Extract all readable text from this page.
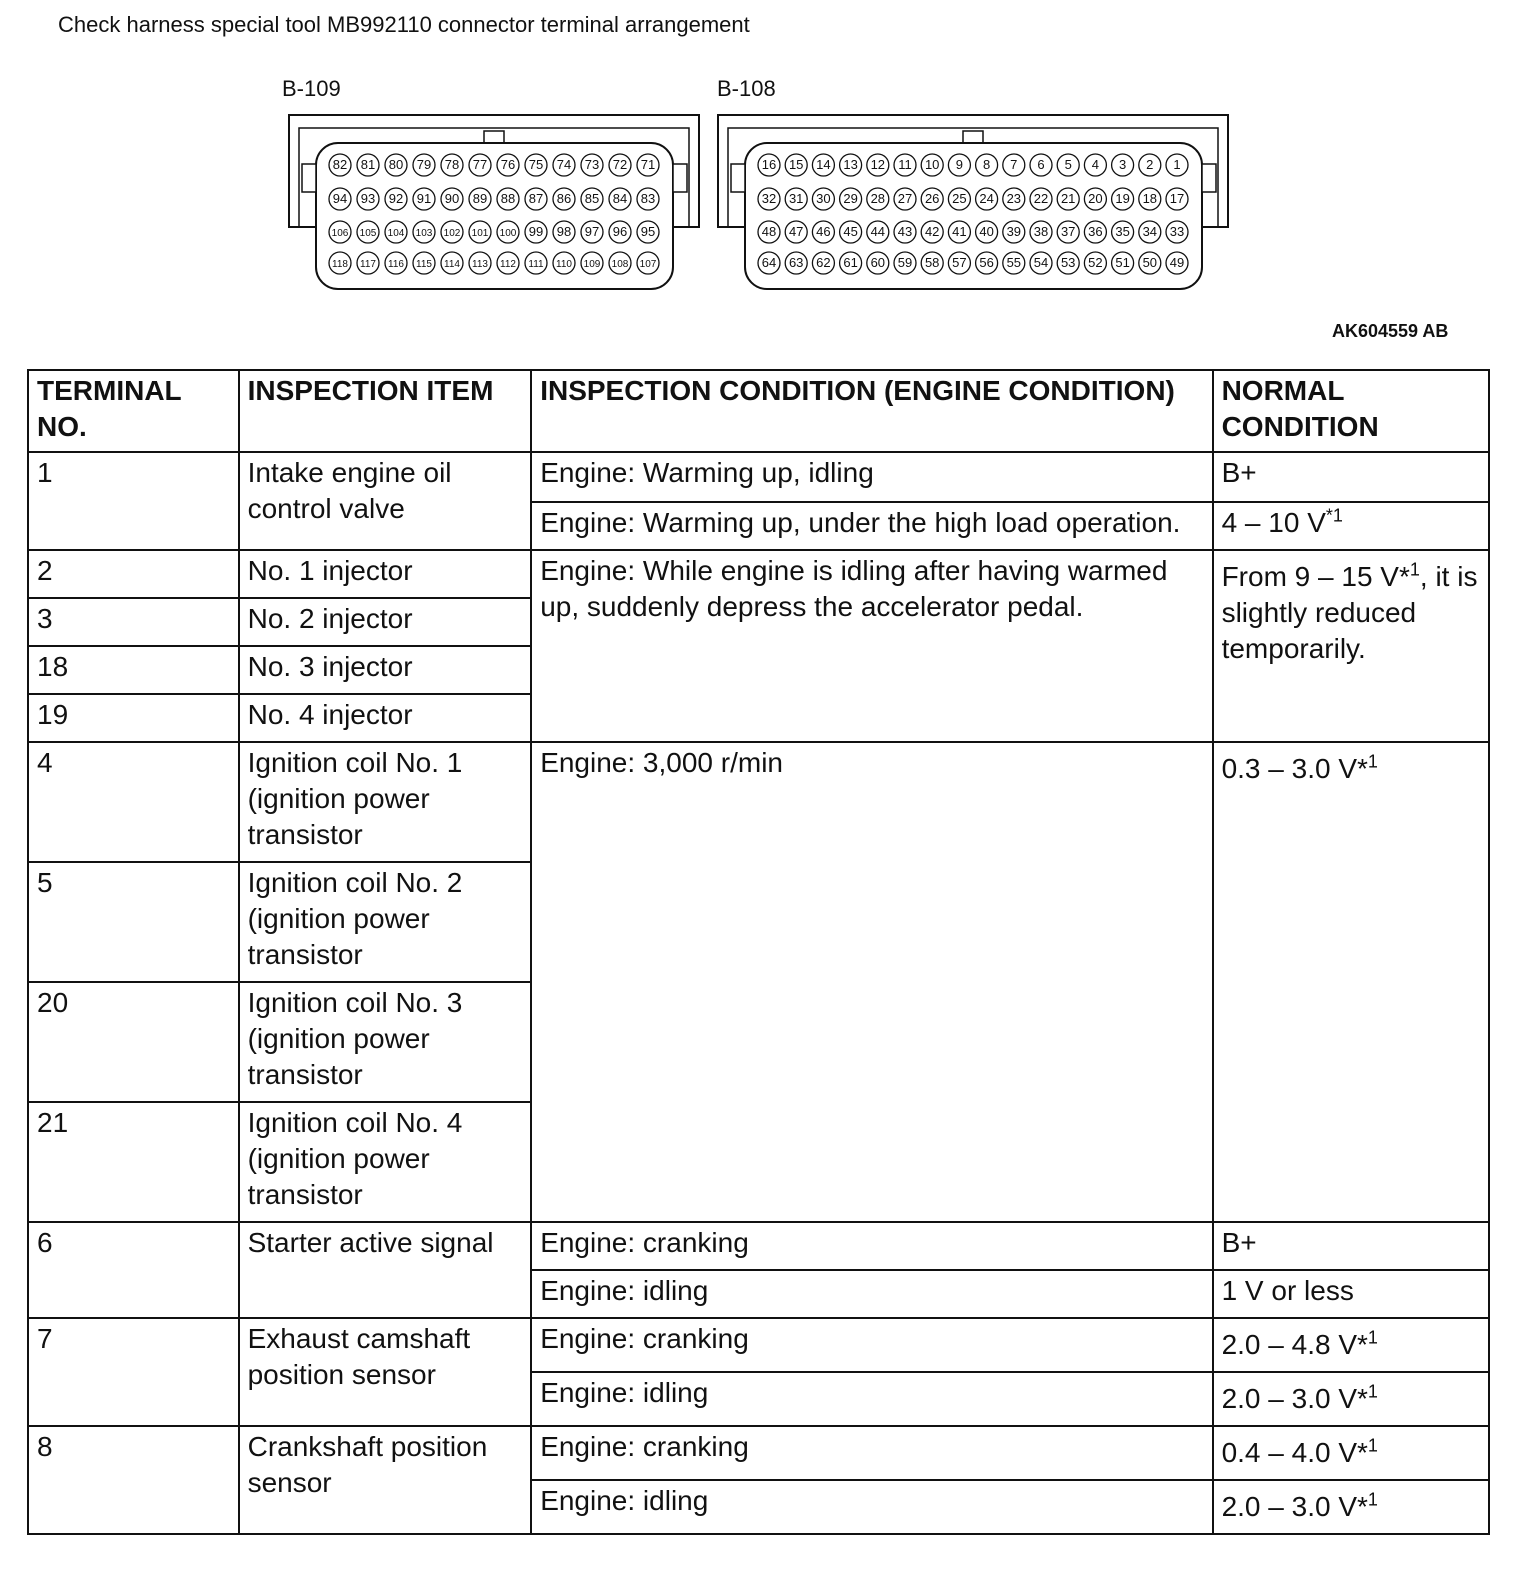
Check harness special tool MB992110 connector terminal arrangement
B-109	B-108
82 81 80 79 78 77 76 75 74 73 72 71
94 93 92 91 90 89 88 87 86 85 84 83
106 105 104 103 102 101 100 99 98 97 96 95
118 117 116 115 114 113 112 111 110 109 108 107
16 15 14 13 12 11 10 9 8 7 6 5 4 3 2 1
32 31 30 29 28 27 26 25 24 23 22 21 20 19 18 17
48 47 46 45 44 43 42 41 40 39 38 37 36 35 34 33
64 63 62 61 60 59 58 57 56 55 54 53 52 51 50 49
AK604559 AB
TERMINAL NO.	INSPECTION ITEM	INSPECTION CONDITION (ENGINE CONDITION)	NORMAL CONDITION
1	Intake engine oil control valve	Engine: Warming up, idling	B+
		Engine: Warming up, under the high load operation.	4 – 10 $V^{*1}$
2	No. 1 injector	Engine: While engine is idling after having warmed up, suddenly depress the accelerator pedal.	From 9 – 15 V*$^1$, it is slightly reduced temporarily.
3	No. 2 injector		
18	No. 3 injector		
19	No. 4 injector		
4	Ignition coil No. 1 (ignition power transistor	Engine: 3,000 r/min	0.3 – 3.0 V*$^1$
5	Ignition coil No. 2 (ignition power transistor		
20	Ignition coil No. 3 (ignition power transistor		
21	Ignition coil No. 4 (ignition power transistor		
6	Starter active signal	Engine: cranking	B+
		Engine: idling	1 V or less
7	Exhaust camshaft position sensor	Engine: cranking	2.0 – 4.8 V*$^1$
		Engine: idling	2.0 – 3.0 V*$^1$
8	Crankshaft position sensor	Engine: cranking	0.4 – 4.0 V*$^1$
		Engine: idling	2.0 – 3.0 V*$^1$
